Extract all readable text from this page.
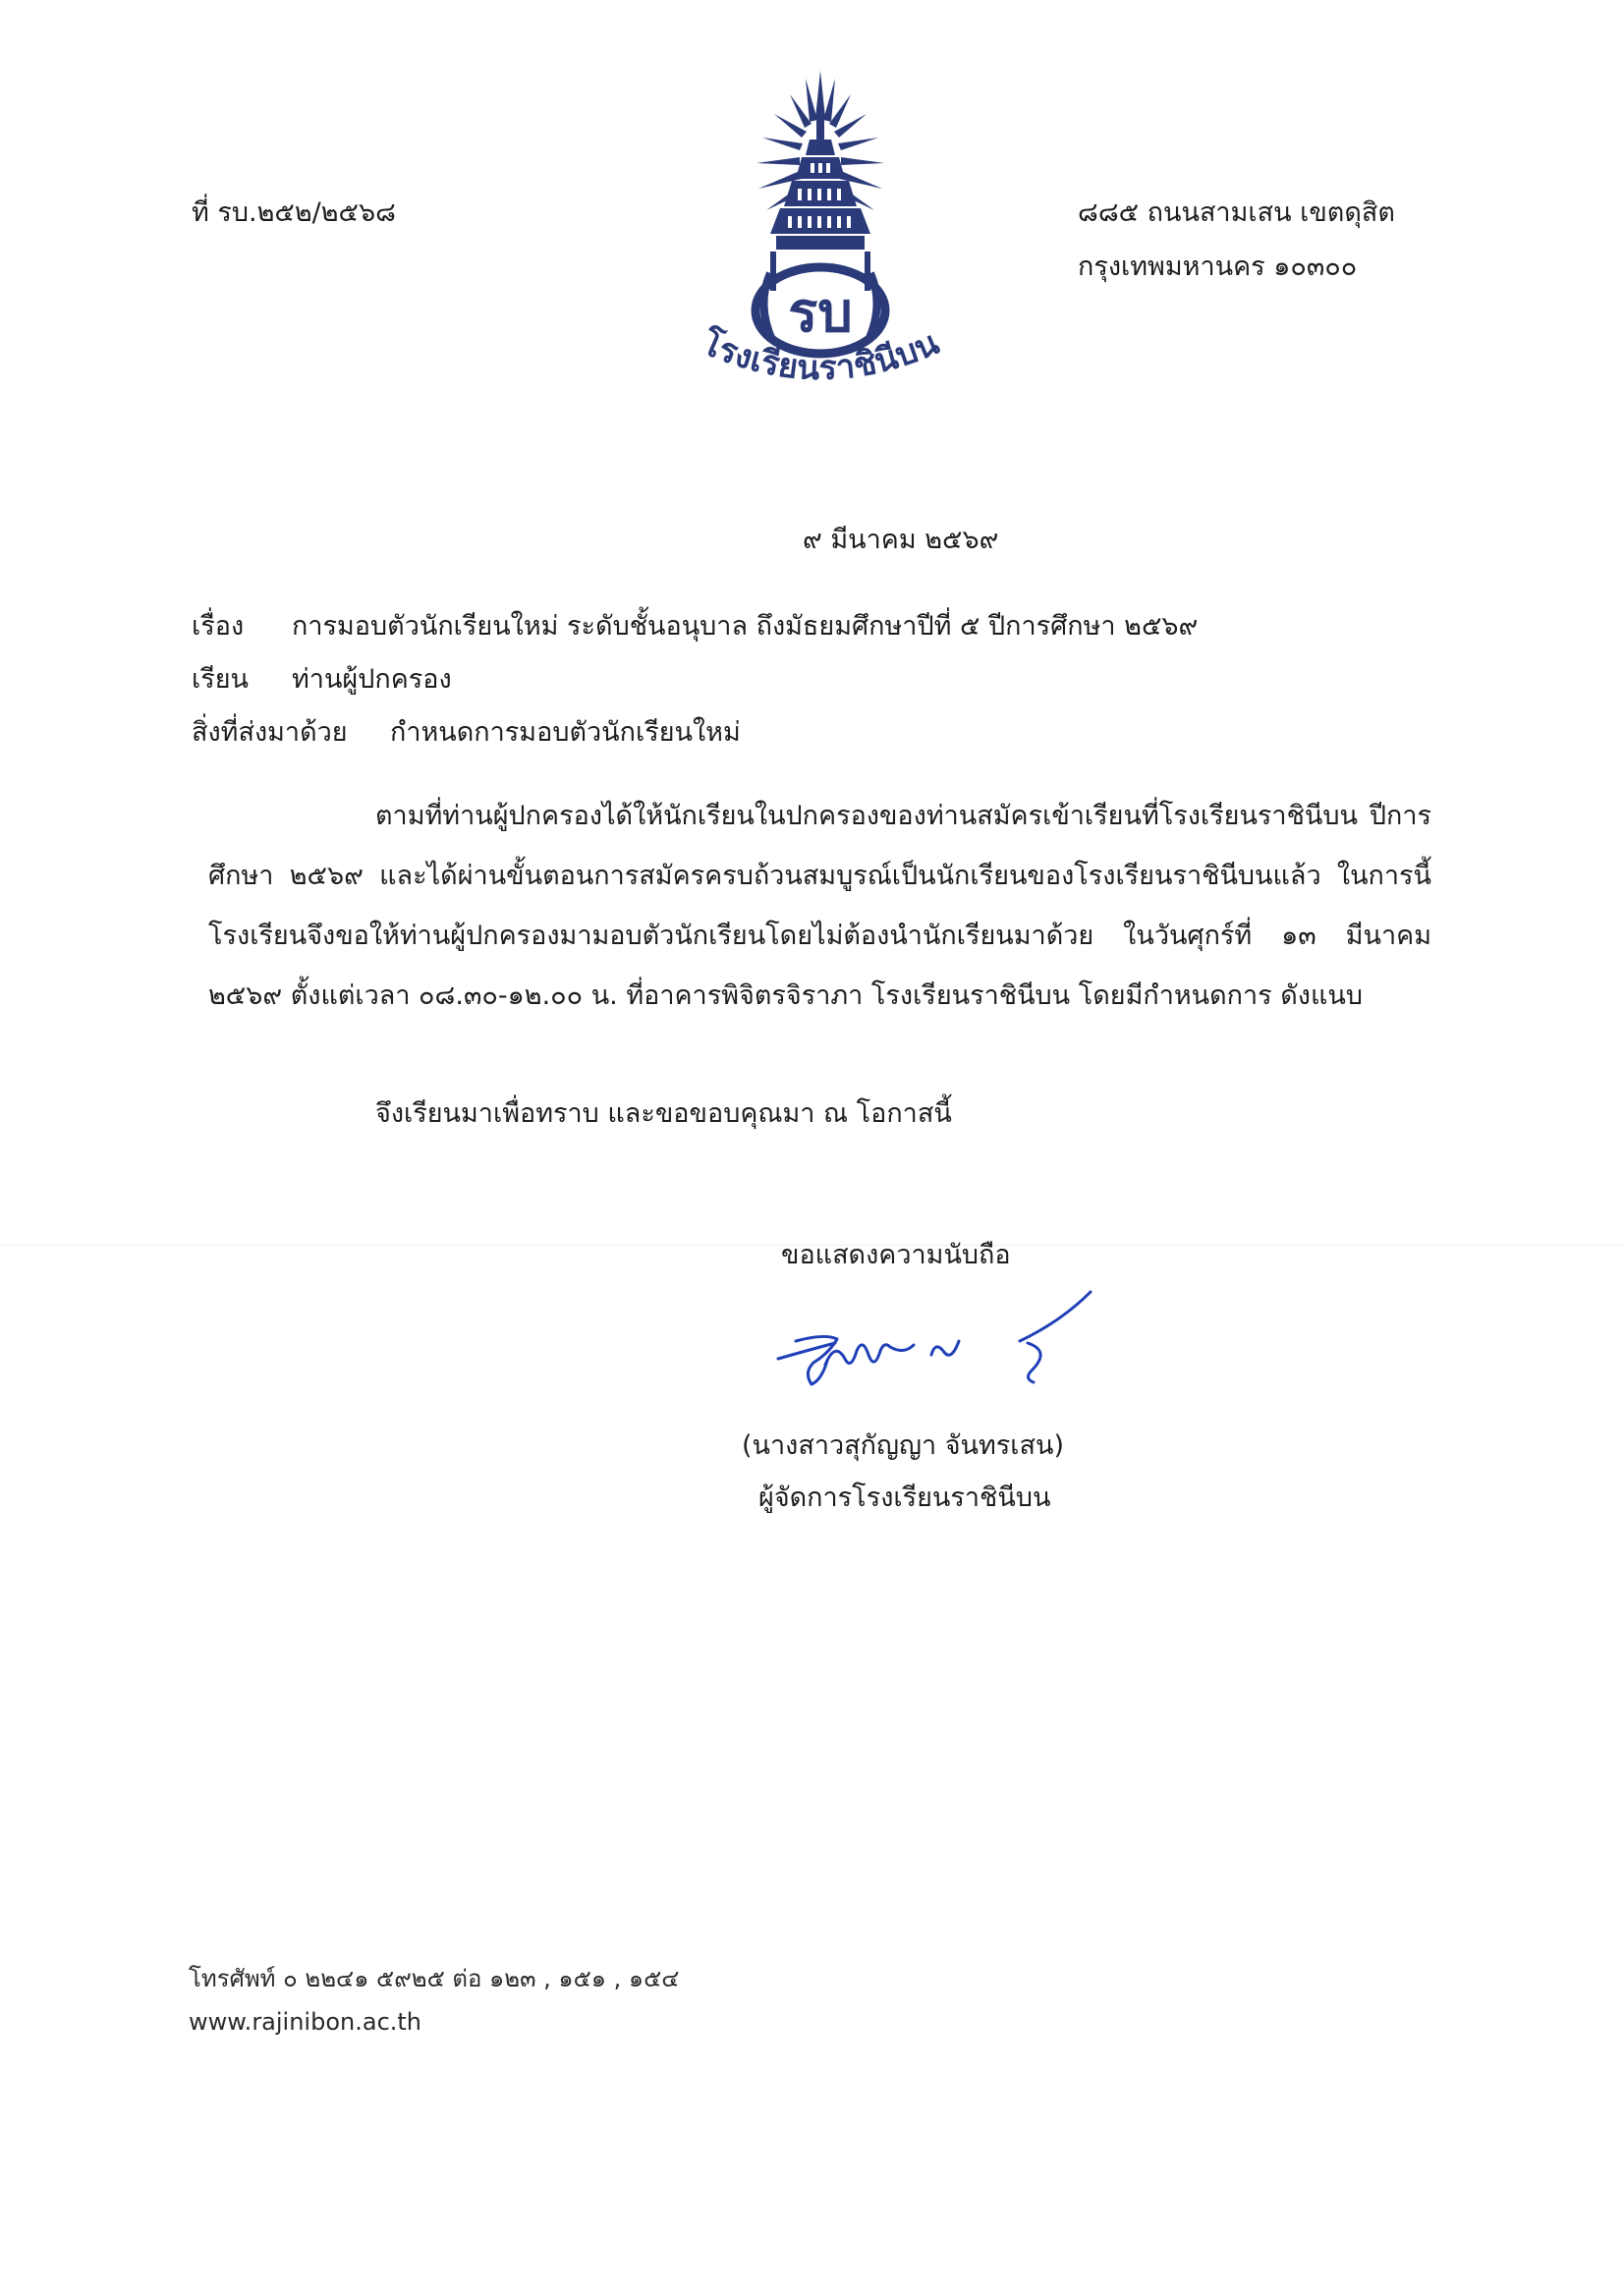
รบ
โรงเรียนราชินีบน
ที่ รบ.๒๕๒/๒๕๖๘	๘๘๕ ถนนสามเสน เขตดุสิต
กรุงเทพมหานคร ๑๐๓๐๐
๙ มีนาคม ๒๕๖๙
เรื่อง การมอบตัวนักเรียนใหม่ ระดับชั้นอนุบาล ถึงมัธยมศึกษาปีที่ ๕ ปีการศึกษา ๒๕๖๙
เรียน ท่านผู้ปกครอง
สิ่งที่ส่งมาด้วย กำหนดการมอบตัวนักเรียนใหม่
ตามที่ท่านผู้ปกครองได้ให้นักเรียนในปกครองของท่านสมัครเข้าเรียนที่โรงเรียนราชินีบน ปีการศึกษา ๒๕๖๙ และได้ผ่านขั้นตอนการสมัครครบถ้วนสมบูรณ์เป็นนักเรียนของโรงเรียนราชินีบนแล้ว ในการนี้โรงเรียนจึงขอให้ท่านผู้ปกครองมามอบตัวนักเรียนโดยไม่ต้องนำนักเรียนมาด้วย ในวันศุกร์ที่ ๑๓ มีนาคม ๒๕๖๙ ตั้งแต่เวลา ๐๘.๓๐-๑๒.๐๐ น. ที่อาคารพิจิตรจิราภา โรงเรียนราชินีบน โดยมีกำหนดการ ดังแนบ
จึงเรียนมาเพื่อทราบ และขอขอบคุณมา ณ โอกาสนี้
ขอแสดงความนับถือ
(นางสาวสุกัญญา จันทรเสน)
ผู้จัดการโรงเรียนราชินีบน
โทรศัพท์ ๐ ๒๒๔๑ ๕๙๒๕ ต่อ ๑๒๓ , ๑๕๑ , ๑๕๔
www.rajinibon.ac.th
